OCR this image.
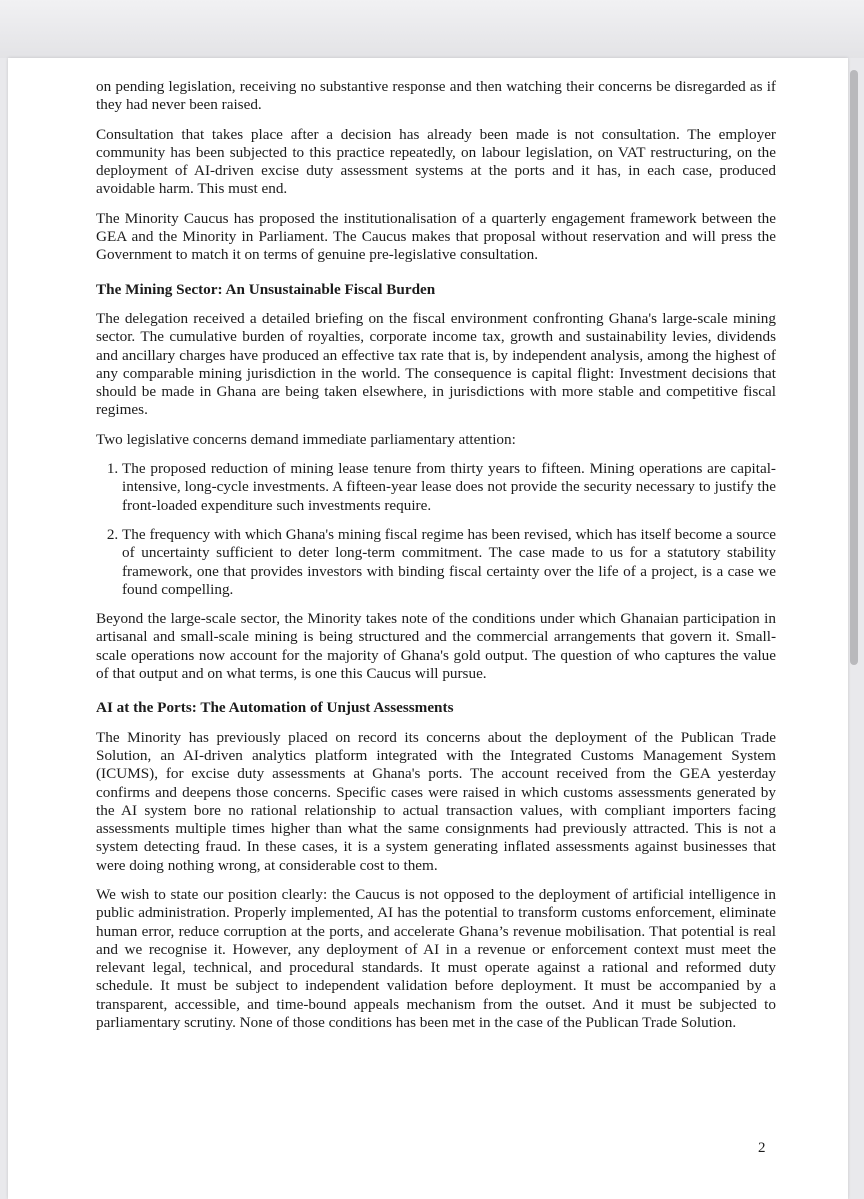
on pending legislation, receiving no substantive response and then watching their concerns be disregarded as if they had never been raised.

Consultation that takes place after a decision has already been made is not consultation. The employer community has been subjected to this practice repeatedly, on labour legislation, on VAT restructuring, on the deployment of AI-driven excise duty assessment systems at the ports and it has, in each case, produced avoidable harm. This must end.

The Minority Caucus has proposed the institutionalisation of a quarterly engagement framework between the GEA and the Minority in Parliament. The Caucus makes that proposal without reservation and will press the Government to match it on terms of genuine pre-legislative consultation.

The Mining Sector: An Unsustainable Fiscal Burden

The delegation received a detailed briefing on the fiscal environment confronting Ghana's large-scale mining sector. The cumulative burden of royalties, corporate income tax, growth and sustainability levies, dividends and ancillary charges have produced an effective tax rate that is, by independent analysis, among the highest of any comparable mining jurisdiction in the world. The consequence is capital flight: Investment decisions that should be made in Ghana are being taken elsewhere, in jurisdictions with more stable and competitive fiscal regimes.

Two legislative concerns demand immediate parliamentary attention:

1. The proposed reduction of mining lease tenure from thirty years to fifteen. Mining operations are capital-intensive, long-cycle investments. A fifteen-year lease does not provide the security necessary to justify the front-loaded expenditure such investments require.
2. The frequency with which Ghana's mining fiscal regime has been revised, which has itself become a source of uncertainty sufficient to deter long-term commitment. The case made to us for a statutory stability framework, one that provides investors with binding fiscal certainty over the life of a project, is a case we found compelling.

Beyond the large-scale sector, the Minority takes note of the conditions under which Ghanaian participation in artisanal and small-scale mining is being structured and the commercial arrangements that govern it. Small-scale operations now account for the majority of Ghana's gold output. The question of who captures the value of that output and on what terms, is one this Caucus will pursue.

AI at the Ports: The Automation of Unjust Assessments

The Minority has previously placed on record its concerns about the deployment of the Publican Trade Solution, an AI-driven analytics platform integrated with the Integrated Customs Management System (ICUMS), for excise duty assessments at Ghana's ports. The account received from the GEA yesterday confirms and deepens those concerns. Specific cases were raised in which customs assessments generated by the AI system bore no rational relationship to actual transaction values, with compliant importers facing assessments multiple times higher than what the same consignments had previously attracted. This is not a system detecting fraud. In these cases, it is a system generating inflated assessments against businesses that were doing nothing wrong, at considerable cost to them.

We wish to state our position clearly: the Caucus is not opposed to the deployment of artificial intelligence in public administration. Properly implemented, AI has the potential to transform customs enforcement, eliminate human error, reduce corruption at the ports, and accelerate Ghana’s revenue mobilisation. That potential is real and we recognise it. However, any deployment of AI in a revenue or enforcement context must meet the relevant legal, technical, and procedural standards. It must operate against a rational and reformed duty schedule. It must be subject to independent validation before deployment. It must be accompanied by a transparent, accessible, and time-bound appeals mechanism from the outset. And it must be subjected to parliamentary scrutiny. None of those conditions has been met in the case of the Publican Trade Solution.

2
